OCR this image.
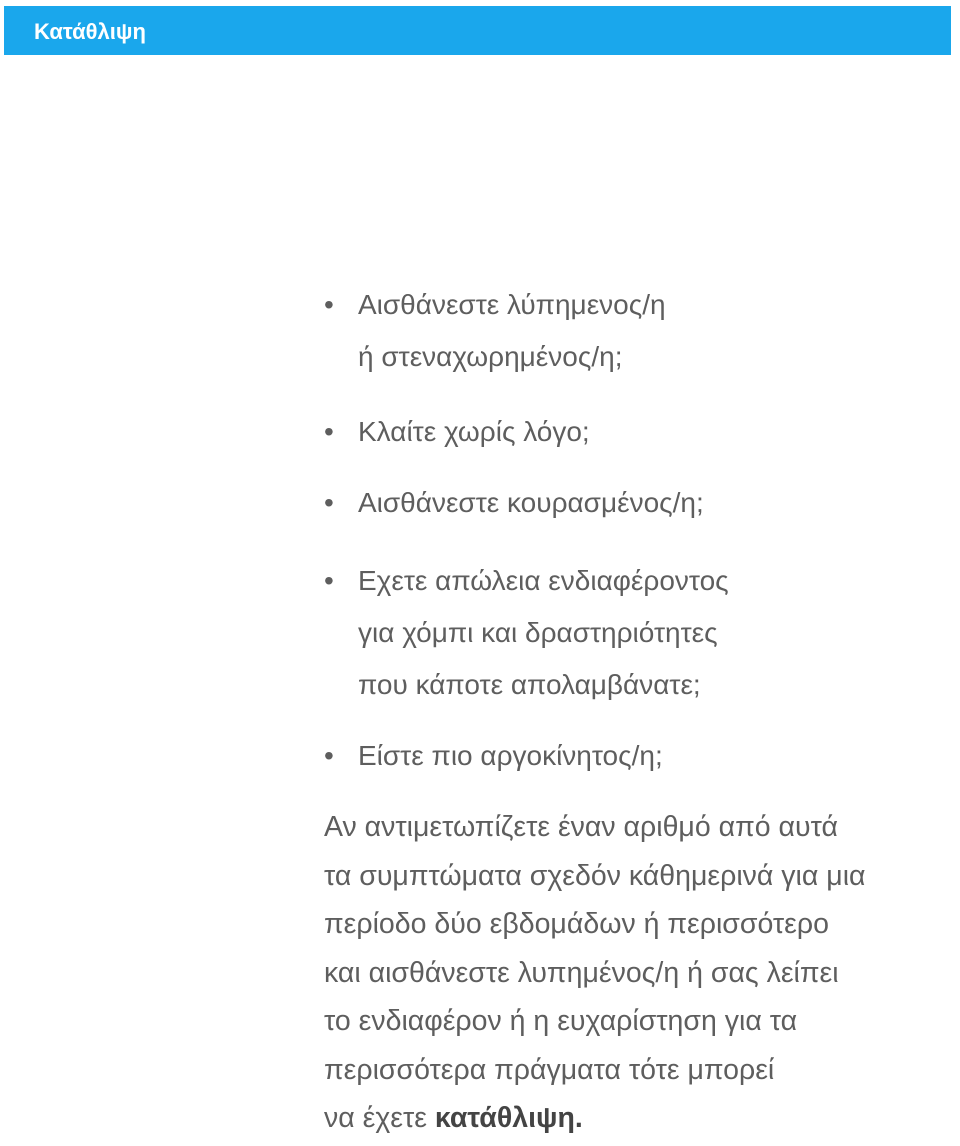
Κατάθλιψη
• Αισθάνεστε λύπημενος/η
ή στεναχωρημένος/η;
• Κλαίτε χωρίς λόγο;
• Αισθάνεστε κουρασμένος/η;
• Εχετε απώλεια ενδιαφέροντος
για χόμπι και δραστηριότητες
που κάποτε απολαμβάνατε;
• Είστε πιο αργοκίνητος/η;
Αν αντιμετωπίζετε έναν αριθμό από αυτά
τα συμπτώματα σχεδόν κάθημερινά για μια
περίοδο δύο εβδομάδων ή περισσότερο
και αισθάνεστε λυπημένος/η ή σας λείπει
το ενδιαφέρον ή η ευχαρίστηση για τα
περισσότερα πράγματα τότε μπορεί
να έχετε κατάθλιψη.
